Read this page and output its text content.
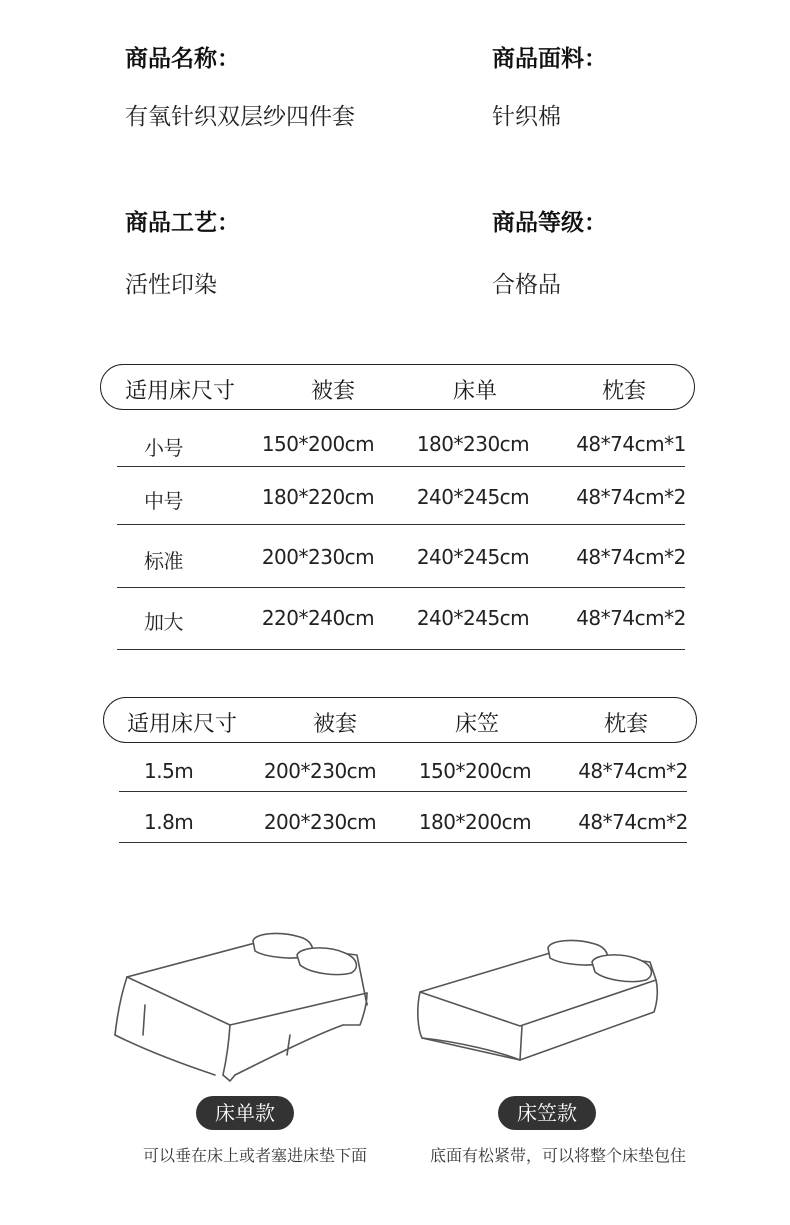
商品名称：
有氧针织双层纱四件套
商品面料：
针织棉
商品工艺：
活性印染
商品等级：
合格品
适用床尺寸	被套	床单	枕套
小号	150*200cm 180*230cm	48*74cm*1
中号	180*220cm 240*245cm	48*74cm*2
标准	200*230cm 240*245cm	48*74cm*2
加大	220*240cm 240*245cm	48*74cm*2
适用床尺寸	被套	床笠	枕套
1.5m	200*230cm 150*200cm	48*74cm*2
1.8m	200*230cm 180*200cm	48*74cm*2
床单款
可以垂在床上或者塞进床垫下面
床笠款
底面有松紧带，可以将整个床垫包住
